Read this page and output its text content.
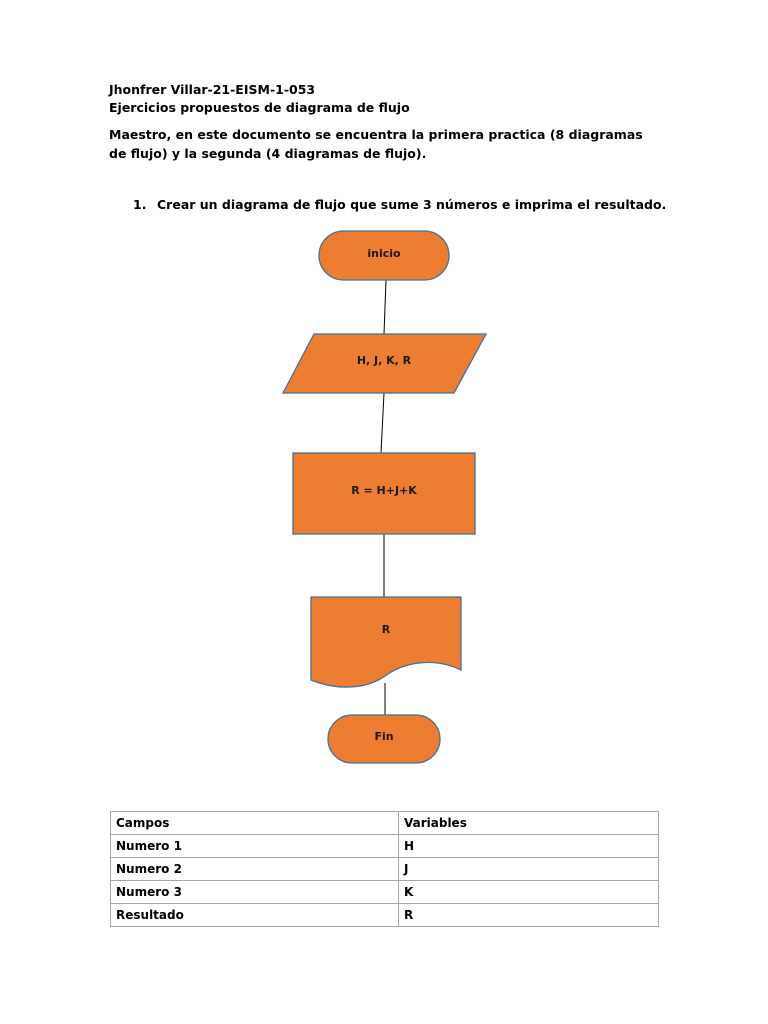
Jhonfrer Villar-21-EISM-1-053

Ejercicios propuestos de diagrama de flujo

Maestro, en este documento se encuentra la primera practica (8 diagramas de flujo) y la segunda (4 diagramas de flujo).

1. Crear un diagrama de flujo que sume 3 números e imprima el resultado.

inicio
H, J, K, R
R = H+J+K
R
Fin
Campos	Variables
Numero 1	H
Numero 2	J
Numero 3	K
Resultado	R
